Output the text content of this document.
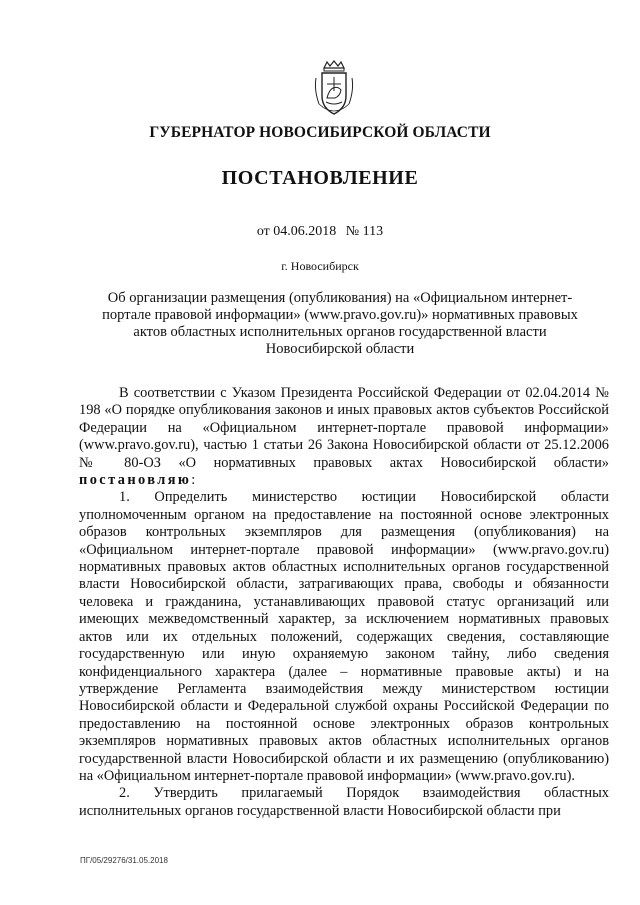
ГУБЕРНАТОР НОВОСИБИРСКОЙ ОБЛАСТИ
ПОСТАНОВЛЕНИЕ
от 04.06.2018 № 113
г. Новосибирск
Об организации размещения (опубликования) на «Официальном интернет-портале правовой информации» (www.pravo.gov.ru)» нормативных правовых актов областных исполнительных органов государственной власти Новосибирской области

В соответствии с Указом Президента Российской Федерации от 02.04.2014 № 198 «О порядке опубликования законов и иных правовых актов субъектов Российской Федерации на «Официальном интернет-портале правовой информации» (www.pravo.gov.ru), частью 1 статьи 26 Закона Новосибирской области от 25.12.2006 № 80-ОЗ «О нормативных правовых актах Новосибирской области» постановляю:

1. Определить министерство юстиции Новосибирской области уполномоченным органом на предоставление на постоянной основе электронных образов контрольных экземпляров для размещения (опубликования) на «Официальном интернет-портале правовой информации» (www.pravo.gov.ru) нормативных правовых актов областных исполнительных органов государственной власти Новосибирской области, затрагивающих права, свободы и обязанности человека и гражданина, устанавливающих правовой статус организаций или имеющих межведомственный характер, за исключением нормативных правовых актов или их отдельных положений, содержащих сведения, составляющие государственную или иную охраняемую законом тайну, либо сведения конфиденциального характера (далее – нормативные правовые акты) и на утверждение Регламента взаимодействия между министерством юстиции Новосибирской области и Федеральной службой охраны Российской Федерации по предоставлению на постоянной основе электронных образов контрольных экземпляров нормативных правовых актов областных исполнительных органов государственной власти Новосибирской области и их размещению (опубликованию) на «Официальном интернет-портале правовой информации» (www.pravo.gov.ru).

2. Утвердить прилагаемый Порядок взаимодействия областных исполнительных органов государственной власти Новосибирской области при

ПГ/05/29276/31.05.2018
